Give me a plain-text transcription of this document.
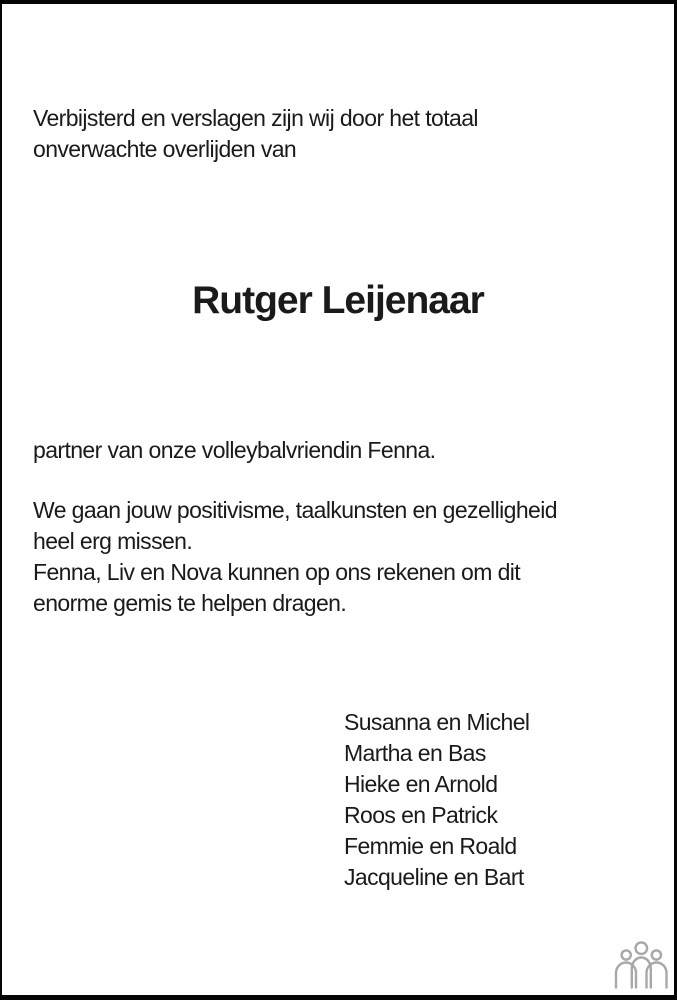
Verbijsterd en verslagen zijn wij door het totaal
onverwachte overlijden van
Rutger Leijenaar
partner van onze volleybalvriendin Fenna.
We gaan jouw positivisme, taalkunsten en gezelligheid
heel erg missen.
Fenna, Liv en Nova kunnen op ons rekenen om dit
enorme gemis te helpen dragen.
Susanna en Michel
Martha en Bas
Hieke en Arnold
Roos en Patrick
Femmie en Roald
Jacqueline en Bart
